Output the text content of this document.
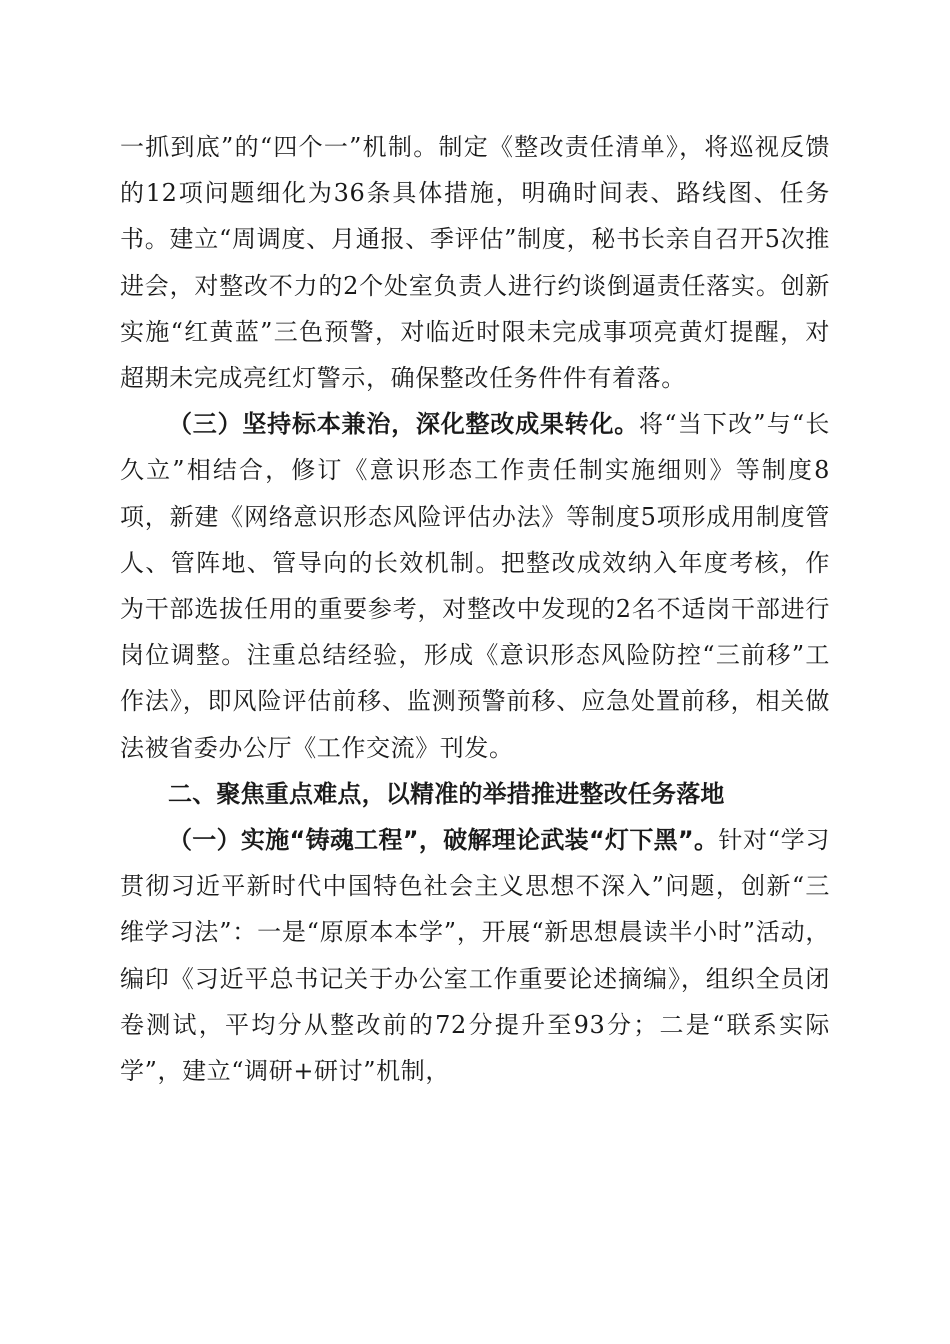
一抓到底”的“四个一”机制。制定《整改责任清单》，将巡视反馈的12项问题细化为36条具体措施，明确时间表、路线图、任务书。建立“周调度、月通报、季评估”制度，秘书长亲自召开5次推进会，对整改不力的2个处室负责人进行约谈倒逼责任落实。创新实施“红黄蓝”三色预警，对临近时限未完成事项亮黄灯提醒，对超期未完成亮红灯警示，确保整改任务件件有着落。

（三）坚持标本兼治，深化整改成果转化。将“当下改”与“长久立”相结合，修订《意识形态工作责任制实施细则》等制度8项，新建《网络意识形态风险评估办法》等制度5项形成用制度管人、管阵地、管导向的长效机制。把整改成效纳入年度考核，作为干部选拔任用的重要参考，对整改中发现的2名不适岗干部进行岗位调整。注重总结经验，形成《意识形态风险防控“三前移”工作法》，即风险评估前移、监测预警前移、应急处置前移，相关做法被省委办公厅《工作交流》刊发。

二、聚焦重点难点，以精准的举措推进整改任务落地

（一）实施“铸魂工程”，破解理论武装“灯下黑”。针对“学习贯彻习近平新时代中国特色社会主义思想不深入”问题，创新“三维学习法”：一是“原原本本学”，开展“新思想晨读半小时”活动，编印《习近平总书记关于办公室工作重要论述摘编》，组织全员闭卷测试，平均分从整改前的72分提升至93分；二是“联系实际学”，建立“调研+研讨”机制，
